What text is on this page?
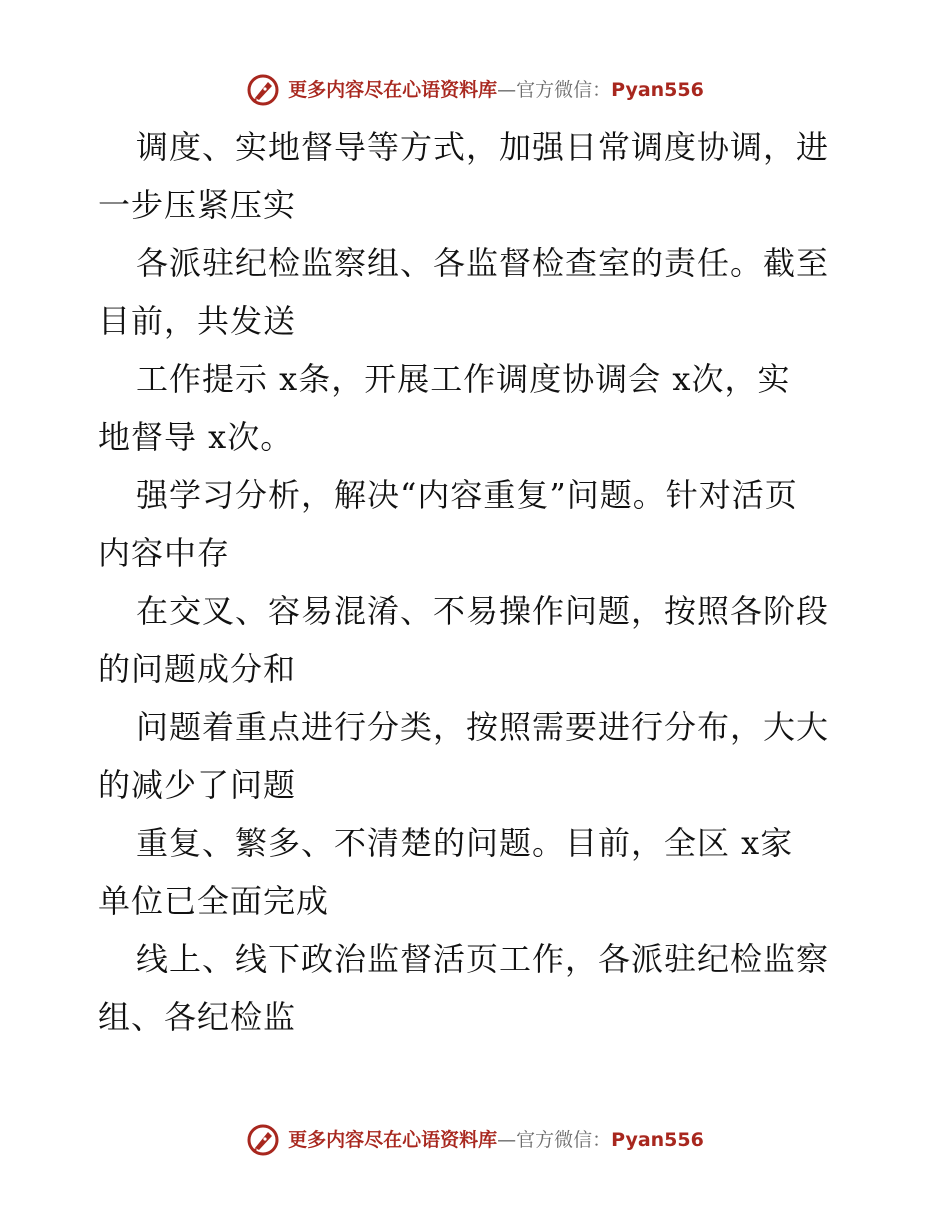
更多内容尽在心语资料库—官方微信：Pyan556
调度、实地督导等方式，加强日常调度协调，进
一步压紧压实
各派驻纪检监察组、各监督检查室的责任。截至
目前，共发送
工作提示 x条，开展工作调度协调会 x次，实
地督导 x次。
强学习分析，解决“内容重复”问题。针对活页
内容中存
在交叉、容易混淆、不易操作问题，按照各阶段
的问题成分和
问题着重点进行分类，按照需要进行分布，大大
的减少了问题
重复、繁多、不清楚的问题。目前，全区 x家
单位已全面完成
线上、线下政治监督活页工作，各派驻纪检监察
组、各纪检监
更多内容尽在心语资料库—官方微信：Pyan556
